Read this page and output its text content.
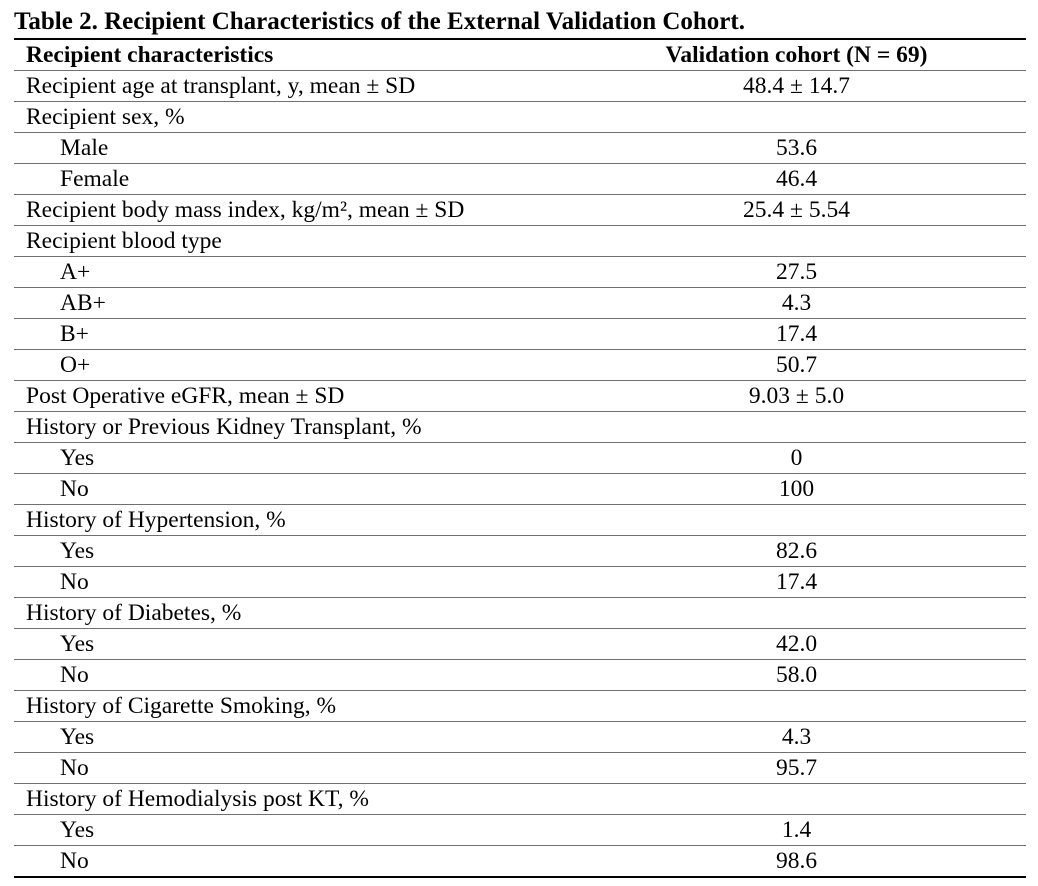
Table 2. Recipient Characteristics of the External Validation Cohort.
Recipient characteristics	Validation cohort (N = 69)
Recipient age at transplant, y, mean ± SD	48.4 ± 14.7
Recipient sex, %	
Male	53.6
Female	46.4
Recipient body mass index, kg/m², mean ± SD	25.4 ± 5.54
Recipient blood type	
A+	27.5
AB+	4.3
B+	17.4
O+	50.7
Post Operative eGFR, mean ± SD	9.03 ± 5.0
History or Previous Kidney Transplant, %	
Yes	0
No	100
History of Hypertension, %	
Yes	82.6
No	17.4
History of Diabetes, %	
Yes	42.0
No	58.0
History of Cigarette Smoking, %	
Yes	4.3
No	95.7
History of Hemodialysis post KT, %	
Yes	1.4
No	98.6
